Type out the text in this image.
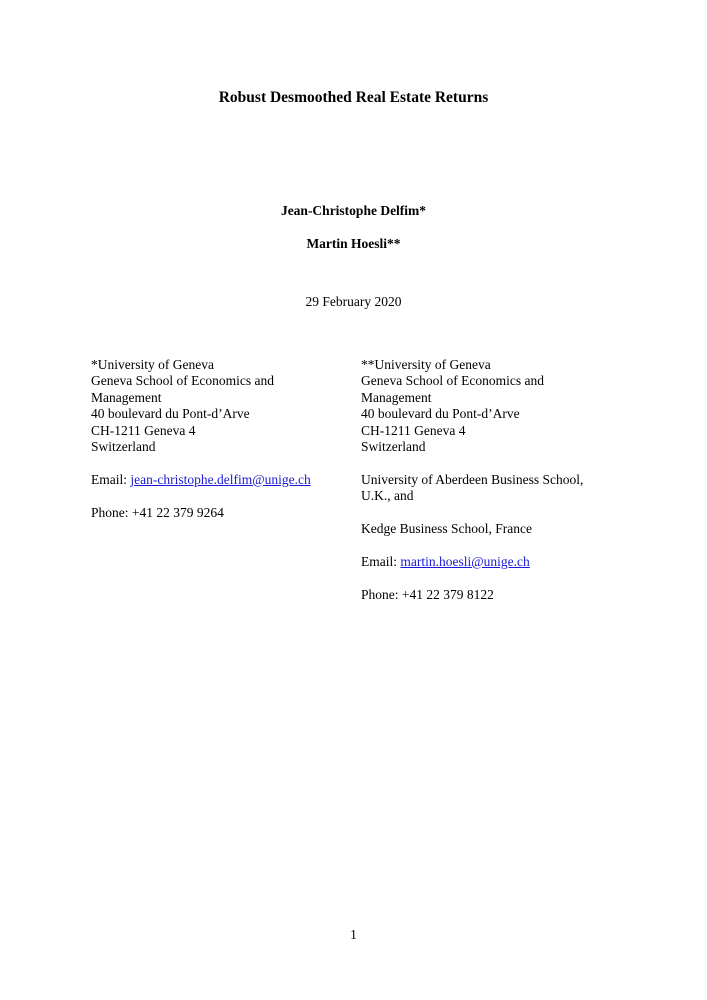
Robust Desmoothed Real Estate Returns
Jean-Christophe Delfim*
Martin Hoesli**
29 February 2020
*University of Geneva
Geneva School of Economics and
Management
40 boulevard du Pont-d’Arve
CH-1211 Geneva 4
Switzerland
Email: jean-christophe.delfim@unige.ch
Phone: +41 22 379 9264
**University of Geneva
Geneva School of Economics and
Management
40 boulevard du Pont-d’Arve
CH-1211 Geneva 4
Switzerland
University of Aberdeen Business School,
U.K., and
Kedge Business School, France
Email: martin.hoesli@unige.ch
Phone: +41 22 379 8122
1
